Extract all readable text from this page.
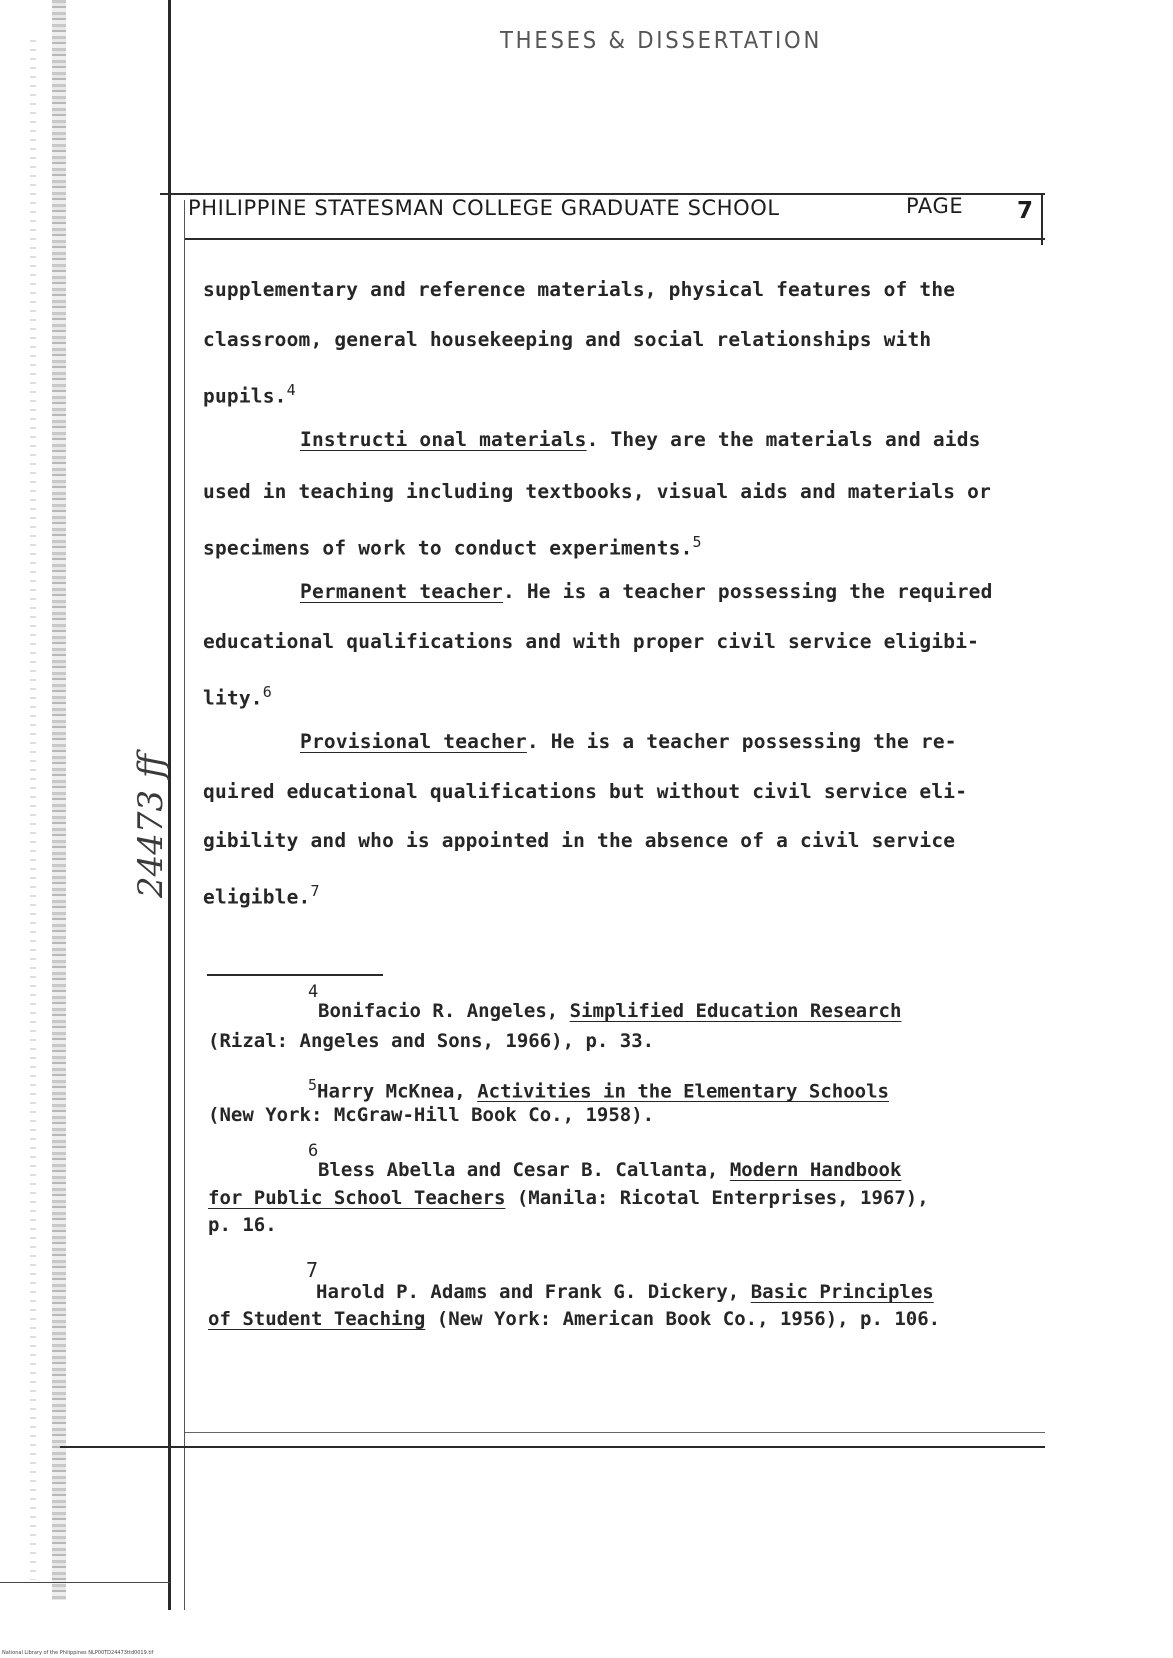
THESES & DISSERTATION
PHILIPPINE STATESMAN COLLEGE GRADUATE SCHOOL	PAGE 7
supplementary and reference materials, physical features of the
classroom, general housekeeping and social relationships with
pupils.$^4$
Instructi onal materials. They are the materials and aids
used in teaching including textbooks, visual aids and materials or
specimens of work to conduct experiments.$^5$
Permanent teacher. He is a teacher possessing the required
educational qualifications and with proper civil service eligibi-
lity.$^6$
Provisional teacher. He is a teacher possessing the re-
quired educational qualifications but without civil service eli-
gibility and who is appointed in the absence of a civil service
eligible.$^7$
24473
ff
4
Bonifacio R. Angeles, Simplified Education Research
(Rizal: Angeles and Sons, 1966), p. 33.
$^5$Harry McKnea, Activities in the Elementary Schools
(New York: McGraw-Hill Book Co., 1958).
6
Bless Abella and Cesar B. Callanta, Modern Handbook
for Public School Teachers (Manila: Ricotal Enterprises, 1967),
p. 16.
7
Harold P. Adams and Frank G. Dickery, Basic Principles
of Student Teaching (New York: American Book Co., 1956), p. 106.
National Library of the Philippines NLP00TD24473ttd0019.tif
